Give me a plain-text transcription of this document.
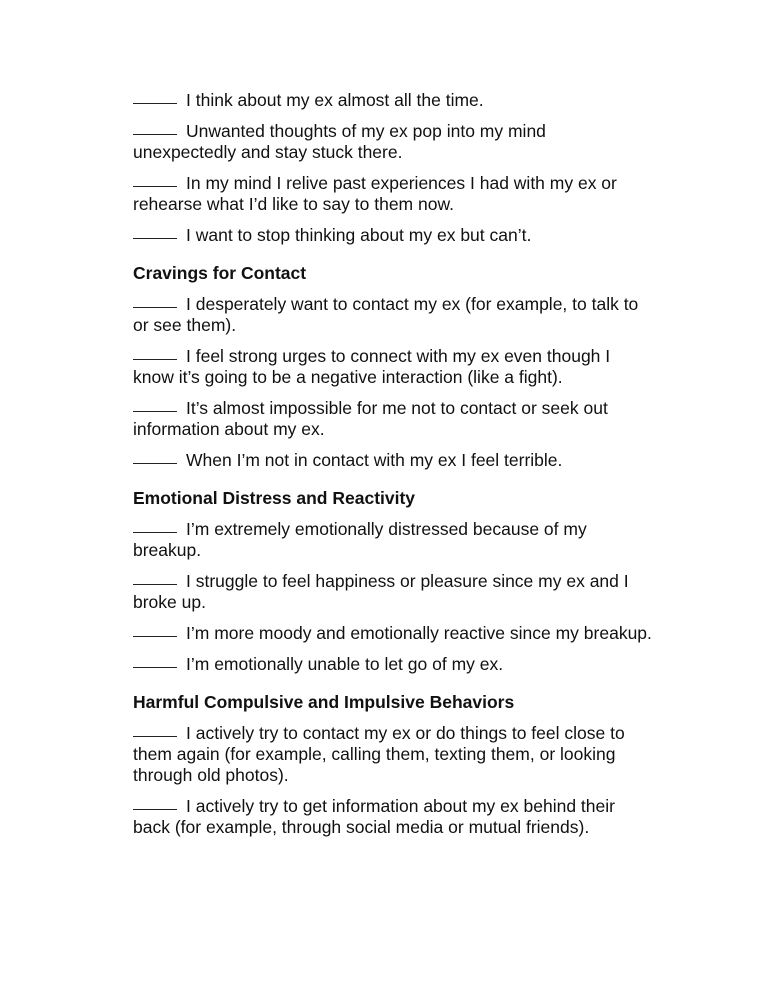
I think about my ex almost all the time.
Unwanted thoughts of my ex pop into my mind unexpectedly and stay stuck there.
In my mind I relive past experiences I had with my ex or rehearse what I’d like to say to them now.
I want to stop thinking about my ex but can’t.
Cravings for Contact
I desperately want to contact my ex (for example, to talk to or see them).
I feel strong urges to connect with my ex even though I know it’s going to be a negative interaction (like a fight).
It’s almost impossible for me not to contact or seek out information about my ex.
When I’m not in contact with my ex I feel terrible.
Emotional Distress and Reactivity
I’m extremely emotionally distressed because of my breakup.
I struggle to feel happiness or pleasure since my ex and I broke up.
I’m more moody and emotionally reactive since my breakup.
I’m emotionally unable to let go of my ex.
Harmful Compulsive and Impulsive Behaviors
I actively try to contact my ex or do things to feel close to them again (for example, calling them, texting them, or looking through old photos).
I actively try to get information about my ex behind their back (for example, through social media or mutual friends).
